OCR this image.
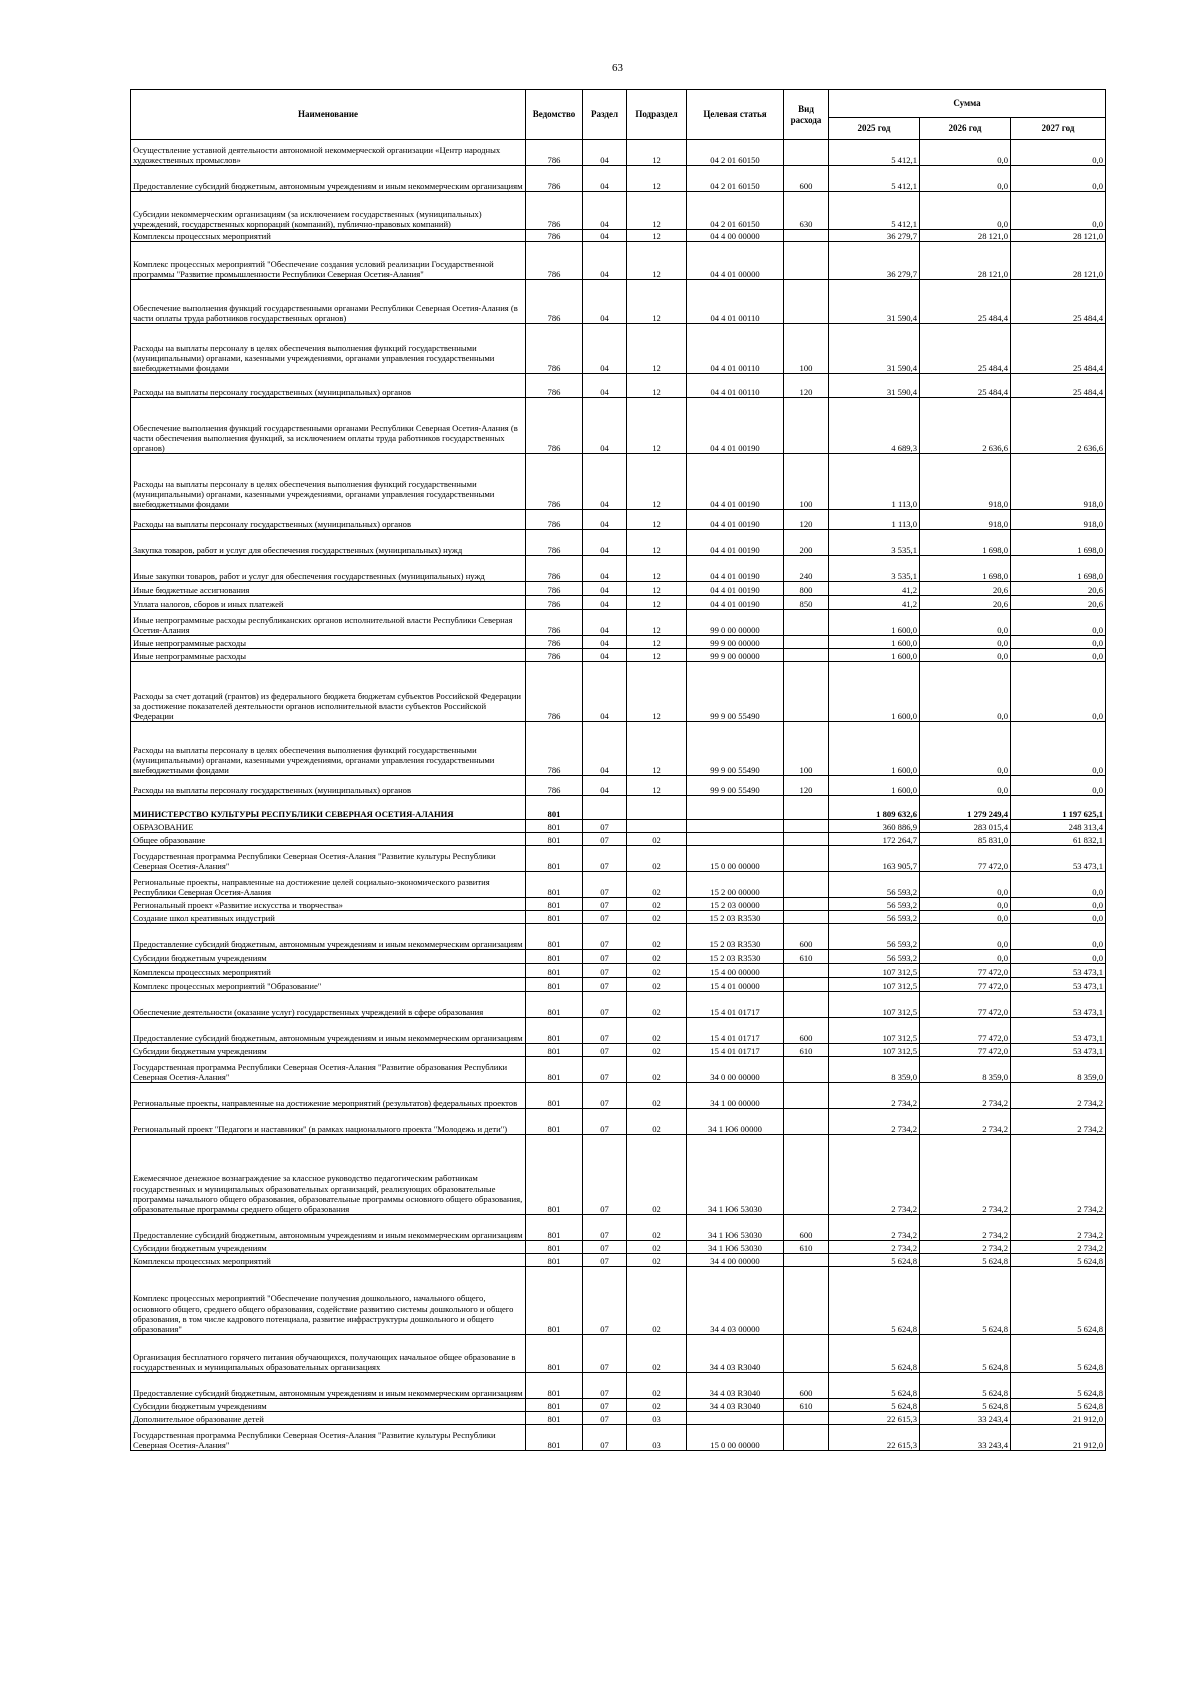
63
Наименование	Ведомство	Раздел	Подраздел	Целевая статья	Вид расхода	Сумма		
						2025 год	2026 год	2027 год
Осуществление уставной деятельности автономной некоммерческой организации «Центр народных художественных промыслов»	786	04	12	04 2 01 60150		5 412,1	0,0	0,0
Предоставление субсидий бюджетным, автономным учреждениям и иным некоммерческим организациям	786	04	12	04 2 01 60150	600	5 412,1	0,0	0,0
Субсидии некоммерческим организациям (за исключением государственных (муниципальных) учреждений, государственных корпораций (компаний), публично-правовых компаний)	786	04	12	04 2 01 60150	630	5 412,1	0,0	0,0
Комплексы процессных мероприятий	786	04	12	04 4 00 00000		36 279,7	28 121,0	28 121,0
Комплекс процессных мероприятий "Обеспечение создания условий реализации Государственной программы "Развитие промышленности Республики Северная Осетия-Алания"	786	04	12	04 4 01 00000		36 279,7	28 121,0	28 121,0
Обеспечение выполнения функций государственными органами Республики Северная Осетия-Алания (в части оплаты труда работников государственных органов)	786	04	12	04 4 01 00110		31 590,4	25 484,4	25 484,4
Расходы на выплаты персоналу в целях обеспечения выполнения функций государственными (муниципальными) органами, казенными учреждениями, органами управления государственными внебюджетными фондами	786	04	12	04 4 01 00110	100	31 590,4	25 484,4	25 484,4
Расходы на выплаты персоналу государственных (муниципальных) органов	786	04	12	04 4 01 00110	120	31 590,4	25 484,4	25 484,4
Обеспечение выполнения функций государственными органами Республики Северная Осетия-Алания (в части обеспечения выполнения функций, за исключением оплаты труда работников государственных органов)	786	04	12	04 4 01 00190		4 689,3	2 636,6	2 636,6
Расходы на выплаты персоналу в целях обеспечения выполнения функций государственными (муниципальными) органами, казенными учреждениями, органами управления государственными внебюджетными фондами	786	04	12	04 4 01 00190	100	1 113,0	918,0	918,0
Расходы на выплаты персоналу государственных (муниципальных) органов	786	04	12	04 4 01 00190	120	1 113,0	918,0	918,0
Закупка товаров, работ и услуг для обеспечения государственных (муниципальных) нужд	786	04	12	04 4 01 00190	200	3 535,1	1 698,0	1 698,0
Иные закупки товаров, работ и услуг для обеспечения государственных (муниципальных) нужд	786	04	12	04 4 01 00190	240	3 535,1	1 698,0	1 698,0
Иные бюджетные ассигнования	786	04	12	04 4 01 00190	800	41,2	20,6	20,6
Уплата налогов, сборов и иных платежей	786	04	12	04 4 01 00190	850	41,2	20,6	20,6
Иные непрограммные расходы республиканских органов исполнительной власти Республики Северная Осетия-Алания	786	04	12	99 0 00 00000		1 600,0	0,0	0,0
Иные непрограммные расходы	786	04	12	99 9 00 00000		1 600,0	0,0	0,0
Иные непрограммные расходы	786	04	12	99 9 00 00000		1 600,0	0,0	0,0
Расходы за счет дотаций (грантов) из федерального бюджета бюджетам субъектов Российской Федерации за достижение показателей деятельности органов исполнительной власти субъектов Российской Федерации	786	04	12	99 9 00 55490		1 600,0	0,0	0,0
Расходы на выплаты персоналу в целях обеспечения выполнения функций государственными (муниципальными) органами, казенными учреждениями, органами управления государственными внебюджетными фондами	786	04	12	99 9 00 55490	100	1 600,0	0,0	0,0
Расходы на выплаты персоналу государственных (муниципальных) органов	786	04	12	99 9 00 55490	120	1 600,0	0,0	0,0
МИНИСТЕРСТВО КУЛЬТУРЫ РЕСПУБЛИКИ СЕВЕРНАЯ ОСЕТИЯ-АЛАНИЯ	801					1 809 632,6	1 279 249,4	1 197 625,1
ОБРАЗОВАНИЕ	801	07				360 886,9	283 015,4	248 313,4
Общее образование	801	07	02			172 264,7	85 831,0	61 832,1
Государственная программа Республики Северная Осетия-Алания "Развитие культуры Республики Северная Осетия-Алания"	801	07	02	15 0 00 00000		163 905,7	77 472,0	53 473,1
Региональные проекты, направленные на достижение целей социально-экономического развития Республики Северная Осетия-Алания	801	07	02	15 2 00 00000		56 593,2	0,0	0,0
Региональный проект «Развитие искусства и творчества»	801	07	02	15 2 03 00000		56 593,2	0,0	0,0
Создание школ креативных индустрий	801	07	02	15 2 03 R3530		56 593,2	0,0	0,0
Предоставление субсидий бюджетным, автономным учреждениям и иным некоммерческим организациям	801	07	02	15 2 03 R3530	600	56 593,2	0,0	0,0
Субсидии бюджетным учреждениям	801	07	02	15 2 03 R3530	610	56 593,2	0,0	0,0
Комплексы процессных мероприятий	801	07	02	15 4 00 00000		107 312,5	77 472,0	53 473,1
Комплекс процессных мероприятий "Образование"	801	07	02	15 4 01 00000		107 312,5	77 472,0	53 473,1
Обеспечение деятельности (оказание услуг) государственных учреждений в сфере образования	801	07	02	15 4 01 01717		107 312,5	77 472,0	53 473,1
Предоставление субсидий бюджетным, автономным учреждениям и иным некоммерческим организациям	801	07	02	15 4 01 01717	600	107 312,5	77 472,0	53 473,1
Субсидии бюджетным учреждениям	801	07	02	15 4 01 01717	610	107 312,5	77 472,0	53 473,1
Государственная программа Республики Северная Осетия-Алания "Развитие образования Республики Северная Осетия-Алания"	801	07	02	34 0 00 00000		8 359,0	8 359,0	8 359,0
Региональные проекты, направленные на достижение мероприятий (результатов) федеральных проектов	801	07	02	34 1 00 00000		2 734,2	2 734,2	2 734,2
Региональный проект "Педагоги и наставники" (в рамках национального проекта "Молодежь и дети")	801	07	02	34 1 Ю6 00000		2 734,2	2 734,2	2 734,2
Ежемесячное денежное вознаграждение за классное руководство педагогическим работникам государственных и муниципальных образовательных организаций, реализующих образовательные программы начального общего образования, образовательные программы основного общего образования, образовательные программы среднего общего образования	801	07	02	34 1 Ю6 53030		2 734,2	2 734,2	2 734,2
Предоставление субсидий бюджетным, автономным учреждениям и иным некоммерческим организациям	801	07	02	34 1 Ю6 53030	600	2 734,2	2 734,2	2 734,2
Субсидии бюджетным учреждениям	801	07	02	34 1 Ю6 53030	610	2 734,2	2 734,2	2 734,2
Комплексы процессных мероприятий	801	07	02	34 4 00 00000		5 624,8	5 624,8	5 624,8
Комплекс процессных мероприятий "Обеспечение получения дошкольного, начального общего, основного общего, среднего общего образования, содействие развитию системы дошкольного и общего образования, в том числе кадрового потенциала, развитие инфраструктуры дошкольного и общего образования"	801	07	02	34 4 03 00000		5 624,8	5 624,8	5 624,8
Организация бесплатного горячего питания обучающихся, получающих начальное общее образование в государственных и муниципальных образовательных организациях	801	07	02	34 4 03 R3040		5 624,8	5 624,8	5 624,8
Предоставление субсидий бюджетным, автономным учреждениям и иным некоммерческим организациям	801	07	02	34 4 03 R3040	600	5 624,8	5 624,8	5 624,8
Субсидии бюджетным учреждениям	801	07	02	34 4 03 R3040	610	5 624,8	5 624,8	5 624,8
Дополнительное образование детей	801	07	03			22 615,3	33 243,4	21 912,0
Государственная программа Республики Северная Осетия-Алания "Развитие культуры Республики Северная Осетия-Алания"	801	07	03	15 0 00 00000		22 615,3	33 243,4	21 912,0
